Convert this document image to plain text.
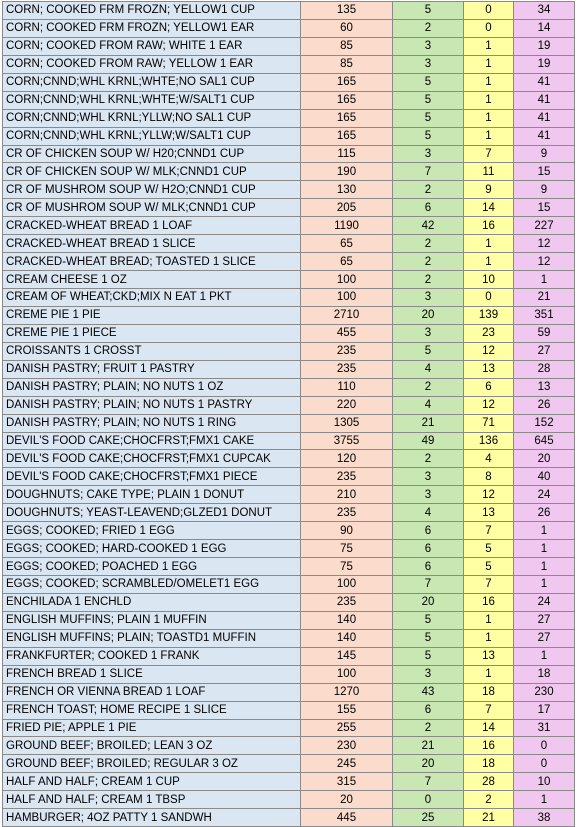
CORN; COOKED FRM FROZN; YELLOW1 CUP	135	5	0	34
CORN; COOKED FRM FROZN; YELLOW1 EAR	60	2	0	14
CORN; COOKED FROM RAW; WHITE 1 EAR	85	3	1	19
CORN; COOKED FROM RAW; YELLOW 1 EAR	85	3	1	19
CORN;CNND;WHL KRNL;WHTE;NO SAL1 CUP	165	5	1	41
CORN;CNND;WHL KRNL;WHTE;W/SALT1 CUP	165	5	1	41
CORN;CNND;WHL KRNL;YLLW;NO SAL1 CUP	165	5	1	41
CORN;CNND;WHL KRNL;YLLW;W/SALT1 CUP	165	5	1	41
CR OF CHICKEN SOUP W/ H20;CNND1 CUP	115	3	7	9
CR OF CHICKEN SOUP W/ MLK;CNND1 CUP	190	7	11	15
CR OF MUSHROM SOUP W/ H2O;CNND1 CUP	130	2	9	9
CR OF MUSHROM SOUP W/ MLK;CNND1 CUP	205	6	14	15
CRACKED-WHEAT BREAD 1 LOAF	1190	42	16	227
CRACKED-WHEAT BREAD 1 SLICE	65	2	1	12
CRACKED-WHEAT BREAD; TOASTED 1 SLICE	65	2	1	12
CREAM CHEESE 1 OZ	100	2	10	1
CREAM OF WHEAT;CKD;MIX N EAT 1 PKT	100	3	0	21
CREME PIE 1 PIE	2710	20	139	351
CREME PIE 1 PIECE	455	3	23	59
CROISSANTS 1 CROSST	235	5	12	27
DANISH PASTRY; FRUIT 1 PASTRY	235	4	13	28
DANISH PASTRY; PLAIN; NO NUTS 1 OZ	110	2	6	13
DANISH PASTRY; PLAIN; NO NUTS 1 PASTRY	220	4	12	26
DANISH PASTRY; PLAIN; NO NUTS 1 RING	1305	21	71	152
DEVIL'S FOOD CAKE;CHOCFRST;FMX1 CAKE	3755	49	136	645
DEVIL'S FOOD CAKE;CHOCFRST;FMX1 CUPCAK	120	2	4	20
DEVIL'S FOOD CAKE;CHOCFRST;FMX1 PIECE	235	3	8	40
DOUGHNUTS; CAKE TYPE; PLAIN 1 DONUT	210	3	12	24
DOUGHNUTS; YEAST-LEAVEND;GLZED1 DONUT	235	4	13	26
EGGS; COOKED; FRIED 1 EGG	90	6	7	1
EGGS; COOKED; HARD-COOKED 1 EGG	75	6	5	1
EGGS; COOKED; POACHED 1 EGG	75	6	5	1
EGGS; COOKED; SCRAMBLED/OMELET1 EGG	100	7	7	1
ENCHILADA 1 ENCHLD	235	20	16	24
ENGLISH MUFFINS; PLAIN 1 MUFFIN	140	5	1	27
ENGLISH MUFFINS; PLAIN; TOASTD1 MUFFIN	140	5	1	27
FRANKFURTER; COOKED 1 FRANK	145	5	13	1
FRENCH BREAD 1 SLICE	100	3	1	18
FRENCH OR VIENNA BREAD 1 LOAF	1270	43	18	230
FRENCH TOAST; HOME RECIPE 1 SLICE	155	6	7	17
FRIED PIE; APPLE 1 PIE	255	2	14	31
GROUND BEEF; BROILED; LEAN 3 OZ	230	21	16	0
GROUND BEEF; BROILED; REGULAR 3 OZ	245	20	18	0
HALF AND HALF; CREAM 1 CUP	315	7	28	10
HALF AND HALF; CREAM 1 TBSP	20	0	2	1
HAMBURGER; 4OZ PATTY 1 SANDWH	445	25	21	38
